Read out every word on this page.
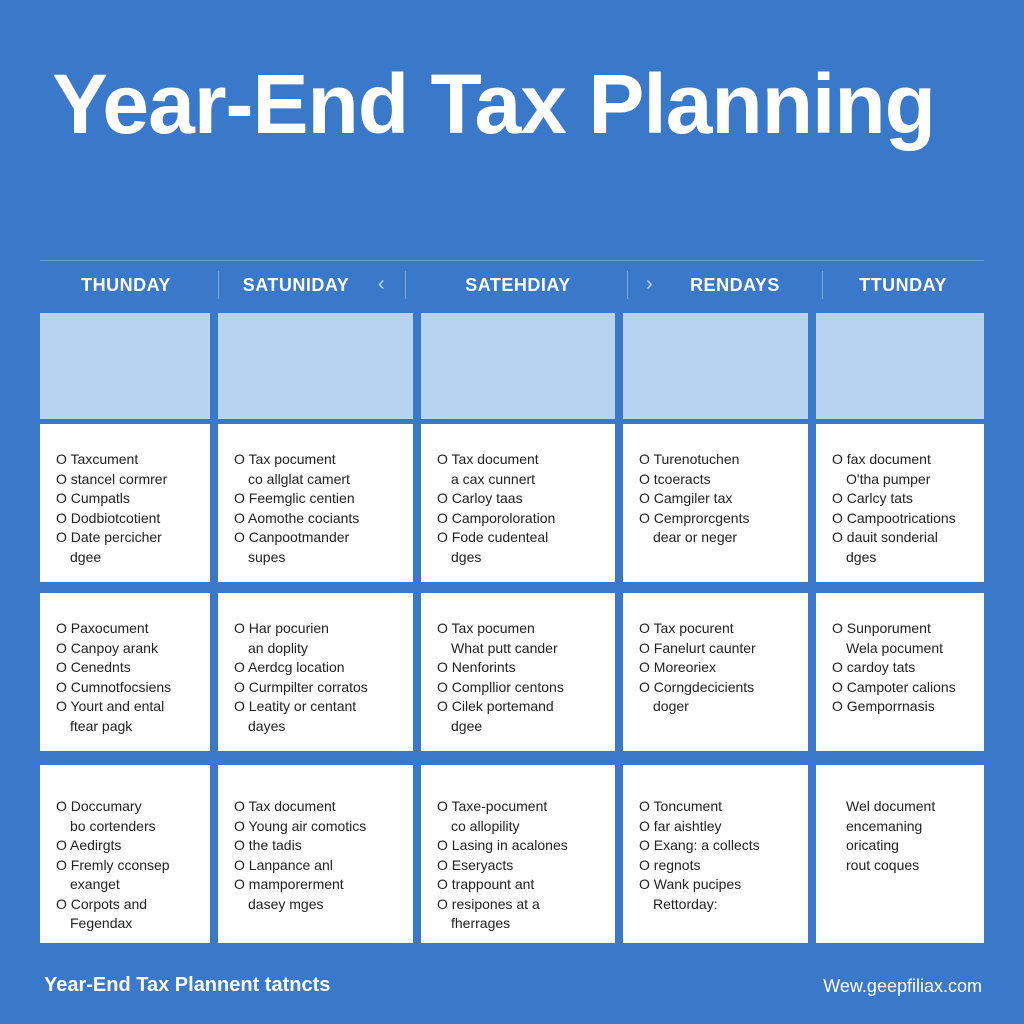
Year-End Tax Planning
THUNDAY	SATUNIDAY	‹	SATEHDIAY	›	RENDAYS	TTUNDAY
O Taxcument
O stancel cormrer
O Cumpatls
O Dodbiotcotient
O Date percicher
dgee
O Tax pocument
co allglat camert
O Feemglic centien
O Aomothe cociants
O Canpootmander
supes
O Tax document
a cax cunnert
O Carloy taas
O Camporoloration
O Fode cudenteal
dges
O Turenotuchen
O tcoeracts
O Camgiler tax
O Cemprorcgents
dear or neger
O fax document
O'tha pumper
O Carlcy tats
O Campootrications
O dauit sonderial
dges
O Paxocument
O Canpoy arank
O Cenednts
O Cumnotfocsiens
O Yourt and ental
ftear pagk
O Har pocurien
an doplity
O Aerdcg location
O Curmpilter corratos
O Leatity or centant
dayes
O Tax pocumen
What putt cander
O Nenforints
O Compllior centons
O Cilek portemand
dgee
O Tax pocurent
O Fanelurt caunter
O Moreoriex
O Corngdecicients
doger
O Sunporument
Wela pocument
O cardoy tats
O Campoter calions
O Gemporrnasis
O Doccumary
bo cortenders
O Aedirgts
O Fremly cconsep
exanget
O Corpots and
Fegendax
O Tax document
O Young air comotics
O the tadis
O Lanpance anl
O mamporerment
dasey mges
O Taxe-pocument
co allopility
O Lasing in acalones
O Eseryacts
O trappount ant
O resipones at a
fherrages
O Toncument
O far aishtley
O Exang: a collects
O regnots
O Wank pucipes
Rettorday:
Wel document
encemaning
oricating
rout coques
Year-End Tax Plannent tatncts	Wew.geepfiliax.com
